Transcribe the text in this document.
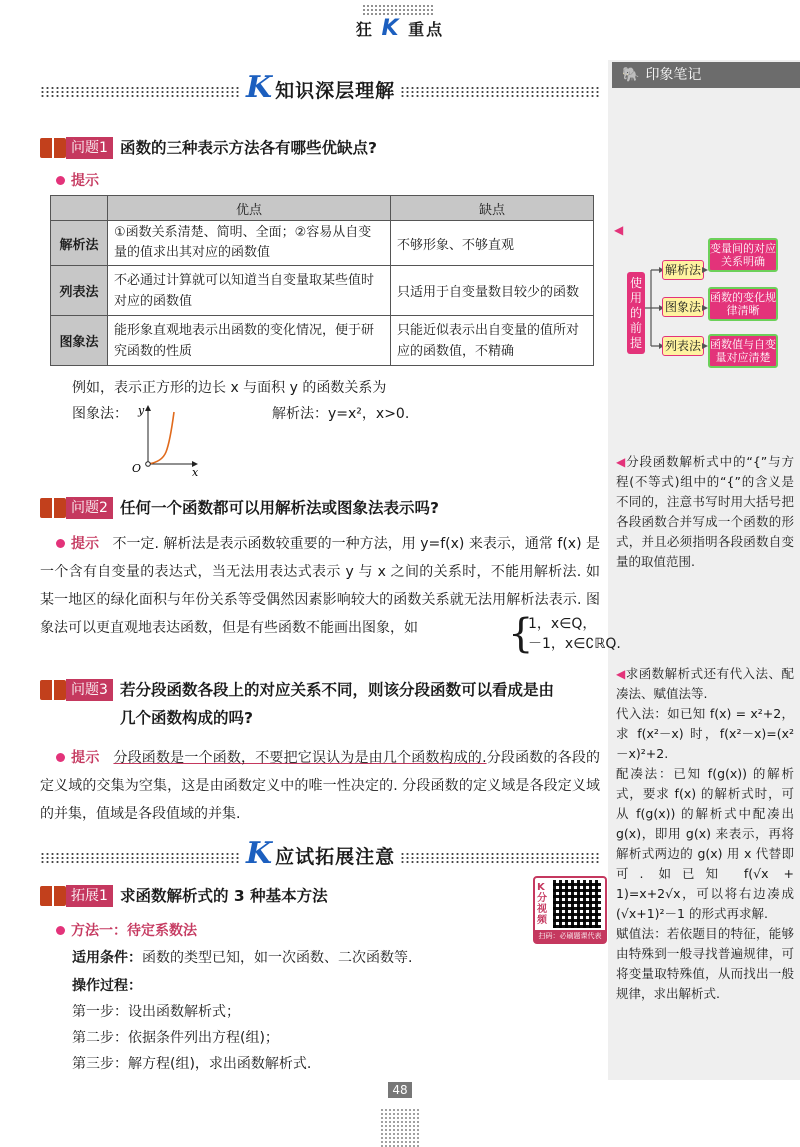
狂 K 重点
🐘 印象笔记
K知识深层理解
问题1 函数的三种表示方法各有哪些优缺点?
提示
	优点	缺点
解析法	①函数关系清楚、简明、全面；②容易从自变量的值求出其对应的函数值	不够形象、不够直观
列表法	不必通过计算就可以知道当自变量取某些值时对应的函数值	只适用于自变量数目较少的函数
图象法	能形象直观地表示出函数的变化情况，便于研究函数的性质	只能近似表示出自变量的值所对应的函数值，不精确
例如，表示正方形的边长 x 与面积 y 的函数关系为
图象法：	解析法：y=x²，x>0.
O	x
y
问题2 任何一个函数都可以用解析法或图象法表示吗?
提示 不一定. 解析法是表示函数较重要的一种方法，用 y=f(x) 来表示，通常 f(x) 是一个含有自变量的表达式，当无法用表达式表示 y 与 x 之间的关系时，不能用解析法. 如某一地区的绿化面积与年份关系等受偶然因素影响较大的函数关系就无法用解析法表示. 图象法可以更直观地表达函数，但是有些函数不能画出图象，如	{
1，x∈Q，
－1，x∈∁ℝQ.
问题3 若分段函数各段上的对应关系不同，则该分段函数可以看成是由
几个函数构成的吗?
提示 分段函数是一个函数，不要把它误认为是由几个函数构成的.分段函数的各段的定义域的交集为空集，这是由函数定义中的唯一性决定的. 分段函数的定义域是各段定义域的并集，值域是各段值域的并集.
K应试拓展注意
拓展1 求函数解析式的 3 种基本方法
方法一：待定系数法
适用条件：函数的类型已知，如一次函数、二次函数等.
操作过程：
第一步：设出函数解析式；
第二步：依据条件列出方程(组)；
第三步：解方程(组)，求出函数解析式.
K分视频
扫码：必刷题课代表
◀
使用的前提
解析法
图象法
列表法
变量间的对应关系明确
函数的变化规律清晰
函数值与自变量对应清楚
◀分段函数解析式中的“{”与方程(不等式)组中的“{”的含义是不同的，注意书写时用大括号把各段函数合并写成一个函数的形式，并且必须指明各段函数自变量的取值范围.
◀求函数解析式还有代入法、配凑法、赋值法等.
代入法：如已知 f(x) = x²+2，求 f(x²－x) 时，f(x²－x)=(x²－x)²+2.
配凑法：已知 f(g(x)) 的解析式，要求 f(x) 的解析式时，可从 f(g(x)) 的解析式中配凑出 g(x)，即用 g(x) 来表示，再将解析式两边的 g(x) 用 x 代替即可. 如已知 f(√x + 1)=x+2√x，可以将右边凑成 (√x+1)²－1 的形式再求解.
赋值法：若依题目的特征，能够由特殊到一般寻找普遍规律，可将变量取特殊值，从而找出一般规律，求出解析式.
48
